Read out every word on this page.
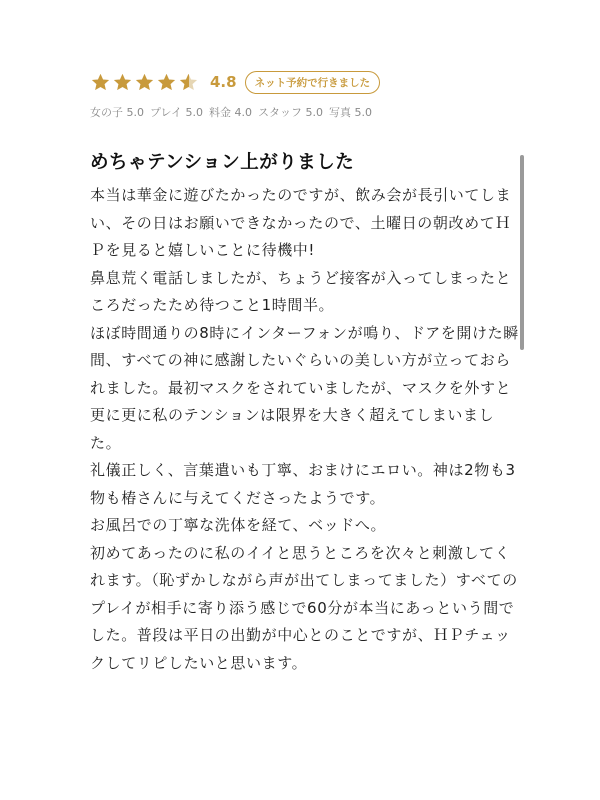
4.8	ネット予約で行きました
女の子 5.0 プレイ 5.0 料金 4.0 スタッフ 5.0 写真 5.0
めちゃテンション上がりました

本当は華金に遊びたかったのですが、飲み会が長引いてしまい、その日はお願いできなかったので、土曜日の朝改めてＨＰを見ると嬉しいことに待機中!

鼻息荒く電話しましたが、ちょうど接客が入ってしまったところだったため待つこと1時間半。

ほぼ時間通りの8時にインターフォンが鳴り、ドアを開けた瞬間、すべての神に感謝したいぐらいの美しい方が立っておられました。最初マスクをされていましたが、マスクを外すと更に更に私のテンションは限界を大きく超えてしまいました。

礼儀正しく、言葉遣いも丁寧、おまけにエロい。神は2物も3物も椿さんに与えてくださったようです。

お風呂での丁寧な洗体を経て、ベッドへ。

初めてあったのに私のイイと思うところを次々と刺激してくれます。（恥ずかしながら声が出てしまってました）すべてのプレイが相手に寄り添う感じで60分が本当にあっという間でした。普段は平日の出勤が中心とのことですが、ＨＰチェックしてリピしたいと思います。
